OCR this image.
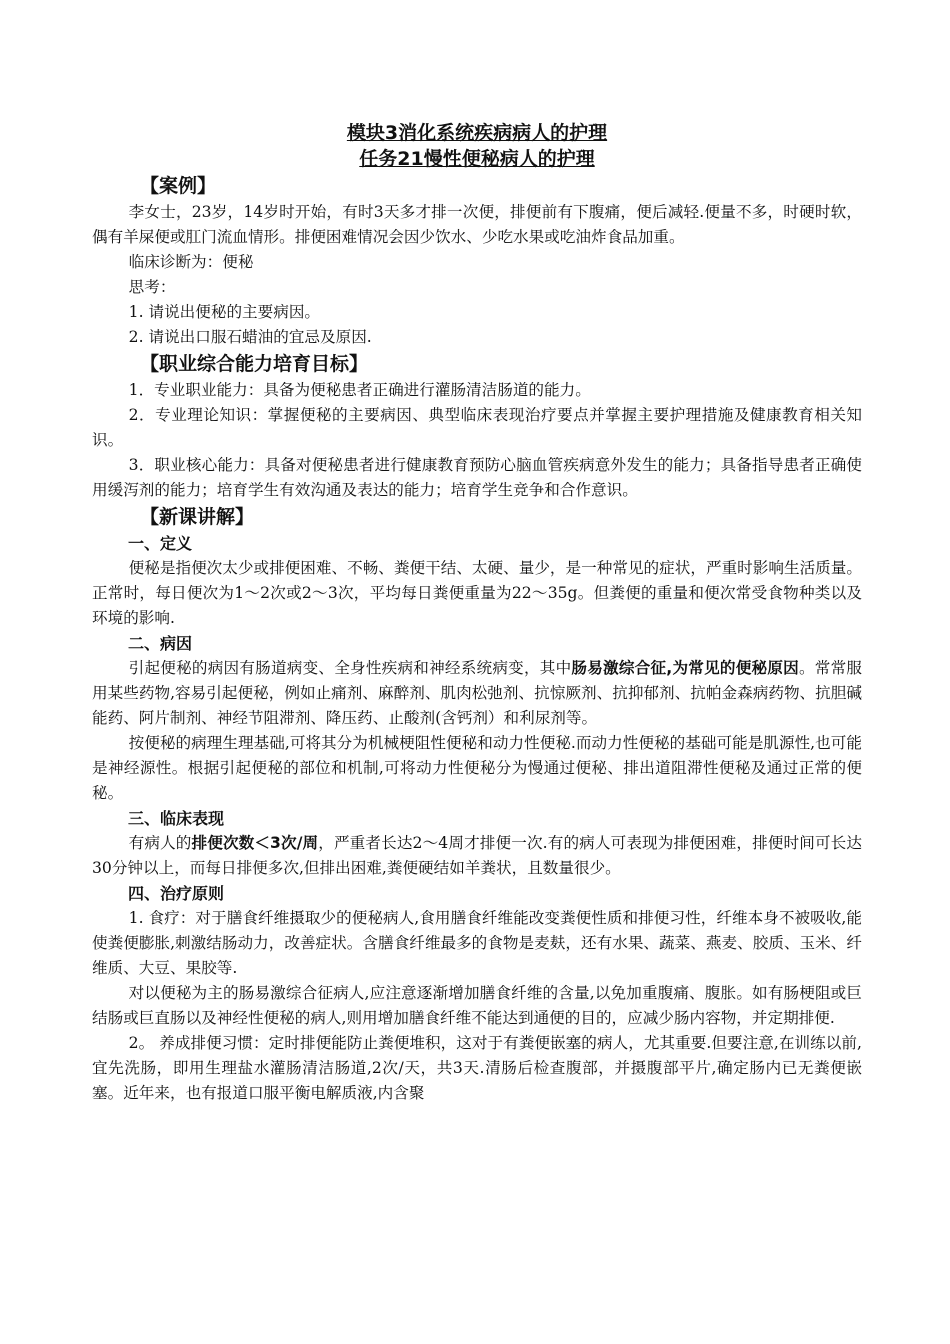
模块3消化系统疾病病人的护理
任务21慢性便秘病人的护理
【案例】

李女士，23岁，14岁时开始，有时3天多才排一次便，排便前有下腹痛，便后减轻.便量不多，时硬时软，偶有羊屎便或肛门流血情形。排便困难情况会因少饮水、少吃水果或吃油炸食品加重。

临床诊断为：便秘

思考：

1. 请说出便秘的主要病因。

2. 请说出口服石蜡油的宜忌及原因.

【职业综合能力培育目标】

1．专业职业能力：具备为便秘患者正确进行灌肠清洁肠道的能力。

2．专业理论知识：掌握便秘的主要病因、典型临床表现治疗要点并掌握主要护理措施及健康教育相关知识。

3．职业核心能力：具备对便秘患者进行健康教育预防心脑血管疾病意外发生的能力；具备指导患者正确使用缓泻剂的能力；培育学生有效沟通及表达的能力；培育学生竞争和合作意识。

【新课讲解】
一、定义

便秘是指便次太少或排便困难、不畅、粪便干结、太硬、量少，是一种常见的症状，严重时影响生活质量。正常时，每日便次为1～2次或2～3次，平均每日粪便重量为22～35g。但粪便的重量和便次常受食物种类以及环境的影响.

二、病因

引起便秘的病因有肠道病变、全身性疾病和神经系统病变，其中肠易激综合征,为常见的便秘原因。常常服用某些药物,容易引起便秘，例如止痛剂、麻醉剂、肌肉松弛剂、抗惊厥剂、抗抑郁剂、抗帕金森病药物、抗胆碱能药、阿片制剂、神经节阻滞剂、降压药、止酸剂(含钙剂）和利尿剂等。

按便秘的病理生理基础,可将其分为机械梗阻性便秘和动力性便秘.而动力性便秘的基础可能是肌源性,也可能是神经源性。根据引起便秘的部位和机制,可将动力性便秘分为慢通过便秘、排出道阻滞性便秘及通过正常的便秘。

三、临床表现

有病人的排便次数＜3次/周，严重者长达2～4周才排便一次.有的病人可表现为排便困难，排便时间可长达30分钟以上，而每日排便多次,但排出困难,粪便硬结如羊粪状，且数量很少。

四、治疗原则

1. 食疗：对于膳食纤维摄取少的便秘病人,食用膳食纤维能改变粪便性质和排便习性，纤维本身不被吸收,能使粪便膨胀,刺激结肠动力，改善症状。含膳食纤维最多的食物是麦麸，还有水果、蔬菜、燕麦、胶质、玉米、纤维质、大豆、果胶等.

对以便秘为主的肠易激综合征病人,应注意逐渐增加膳食纤维的含量,以免加重腹痛、腹胀。如有肠梗阻或巨结肠或巨直肠以及神经性便秘的病人,则用增加膳食纤维不能达到通便的目的，应减少肠内容物，并定期排便.

2。 养成排便习惯：定时排便能防止粪便堆积，这对于有粪便嵌塞的病人，尤其重要.但要注意,在训练以前,宜先洗肠，即用生理盐水灌肠清洁肠道,2次/天，共3天.清肠后检查腹部，并摄腹部平片,确定肠内已无粪便嵌塞。近年来，也有报道口服平衡电解质液,内含聚
